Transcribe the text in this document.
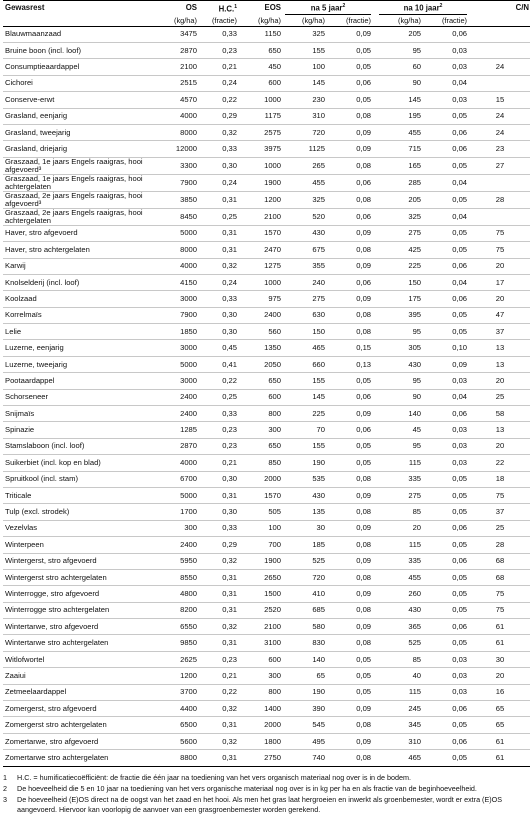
Gewasrest	OS	H.C.$^1$	EOS	na 5 jaar$^2$			na 10 jaar$^2$		C/N
	(kg/ha)	(fractie)	(kg/ha)	(kg/ha)	(fractie)		(kg/ha)	(fractie)	
Blauwmaanzaad	3475	0,33	1150	325	0,09		205	0,06	
Bruine boon (incl. loof)	2870	0,23	650	155	0,05		95	0,03	
Consumptieaardappel	2100	0,21	450	100	0,05		60	0,03	24
Cichorei	2515	0,24	600	145	0,06		90	0,04	
Conserve-erwt	4570	0,22	1000	230	0,05		145	0,03	15
Grasland, eenjarig	4000	0,29	1175	310	0,08		195	0,05	24
Grasland, tweejarig	8000	0,32	2575	720	0,09		455	0,06	24
Grasland, driejarig	12000	0,33	3975	1125	0,09		715	0,06	23
Graszaad, 1e jaars Engels raaigras, hooi afgevoerd³	3300	0,30	1000	265	0,08		165	0,05	27
Graszaad, 1e jaars Engels raaigras, hooi achtergelaten	7900	0,24	1900	455	0,06		285	0,04	
Graszaad, 2e jaars Engels raaigras, hooi afgevoerd³	3850	0,31	1200	325	0,08		205	0,05	28
Graszaad, 2e jaars Engels raaigras, hooi achtergelaten	8450	0,25	2100	520	0,06		325	0,04	
Haver, stro afgevoerd	5000	0,31	1570	430	0,09		275	0,05	75
Haver, stro achtergelaten	8000	0,31	2470	675	0,08		425	0,05	75
Karwij	4000	0,32	1275	355	0,09		225	0,06	20
Knolselderij (incl. loof)	4150	0,24	1000	240	0,06		150	0,04	17
Koolzaad	3000	0,33	975	275	0,09		175	0,06	20
Korrelmaïs	7900	0,30	2400	630	0,08		395	0,05	47
Lelie	1850	0,30	560	150	0,08		95	0,05	37
Luzerne, eenjarig	3000	0,45	1350	465	0,15		305	0,10	13
Luzerne, tweejarig	5000	0,41	2050	660	0,13		430	0,09	13
Pootaardappel	3000	0,22	650	155	0,05		95	0,03	20
Schorseneer	2400	0,25	600	145	0,06		90	0,04	25
Snijmaïs	2400	0,33	800	225	0,09		140	0,06	58
Spinazie	1285	0,23	300	70	0,06		45	0,03	13
Stamslaboon (incl. loof)	2870	0,23	650	155	0,05		95	0,03	20
Suikerbiet (incl. kop en blad)	4000	0,21	850	190	0,05		115	0,03	22
Spruitkool (incl. stam)	6700	0,30	2000	535	0,08		335	0,05	18
Triticale	5000	0,31	1570	430	0,09		275	0,05	75
Tulp (excl. strodek)	1700	0,30	505	135	0,08		85	0,05	37
Vezelvlas	300	0,33	100	30	0,09		20	0,06	25
Winterpeen	2400	0,29	700	185	0,08		115	0,05	28
Wintergerst, stro afgevoerd	5950	0,32	1900	525	0,09		335	0,06	68
Wintergerst stro achtergelaten	8550	0,31	2650	720	0,08		455	0,05	68
Winterrogge, stro afgevoerd	4800	0,31	1500	410	0,09		260	0,05	75
Winterrogge stro achtergelaten	8200	0,31	2520	685	0,08		430	0,05	75
Wintertarwe, stro afgevoerd	6550	0,32	2100	580	0,09		365	0,06	61
Wintertarwe stro achtergelaten	9850	0,31	3100	830	0,08		525	0,05	61
Witlofwortel	2625	0,23	600	140	0,05		85	0,03	30
Zaaiui	1200	0,21	300	65	0,05		40	0,03	20
Zetmeelaardappel	3700	0,22	800	190	0,05		115	0,03	16
Zomergerst, stro afgevoerd	4400	0,32	1400	390	0,09		245	0,06	65
Zomergerst stro achtergelaten	6500	0,31	2000	545	0,08		345	0,05	65
Zomertarwe, stro afgevoerd	5600	0,32	1800	495	0,09		310	0,06	61
Zomertarwe stro achtergelaten	8800	0,31	2750	740	0,08		465	0,05	61
1	H.C. = humificatiecoëfficiënt: de fractie die één jaar na toediening van het vers organisch materiaal nog over is in de bodem.
2	De hoeveelheid die 5 en 10 jaar na toediening van het vers organische materiaal nog over is in kg per ha en als fractie van de beginhoeveelheid.
3	De hoeveelheid (E)OS direct na de oogst van het zaad en het hooi. Als men het gras laat hergroeien en inwerkt als groenbemester, wordt er extra (E)OS aangevoerd. Hiervoor kan voorlopig de aanvoer van een grasgroenbemester worden gerekend.
